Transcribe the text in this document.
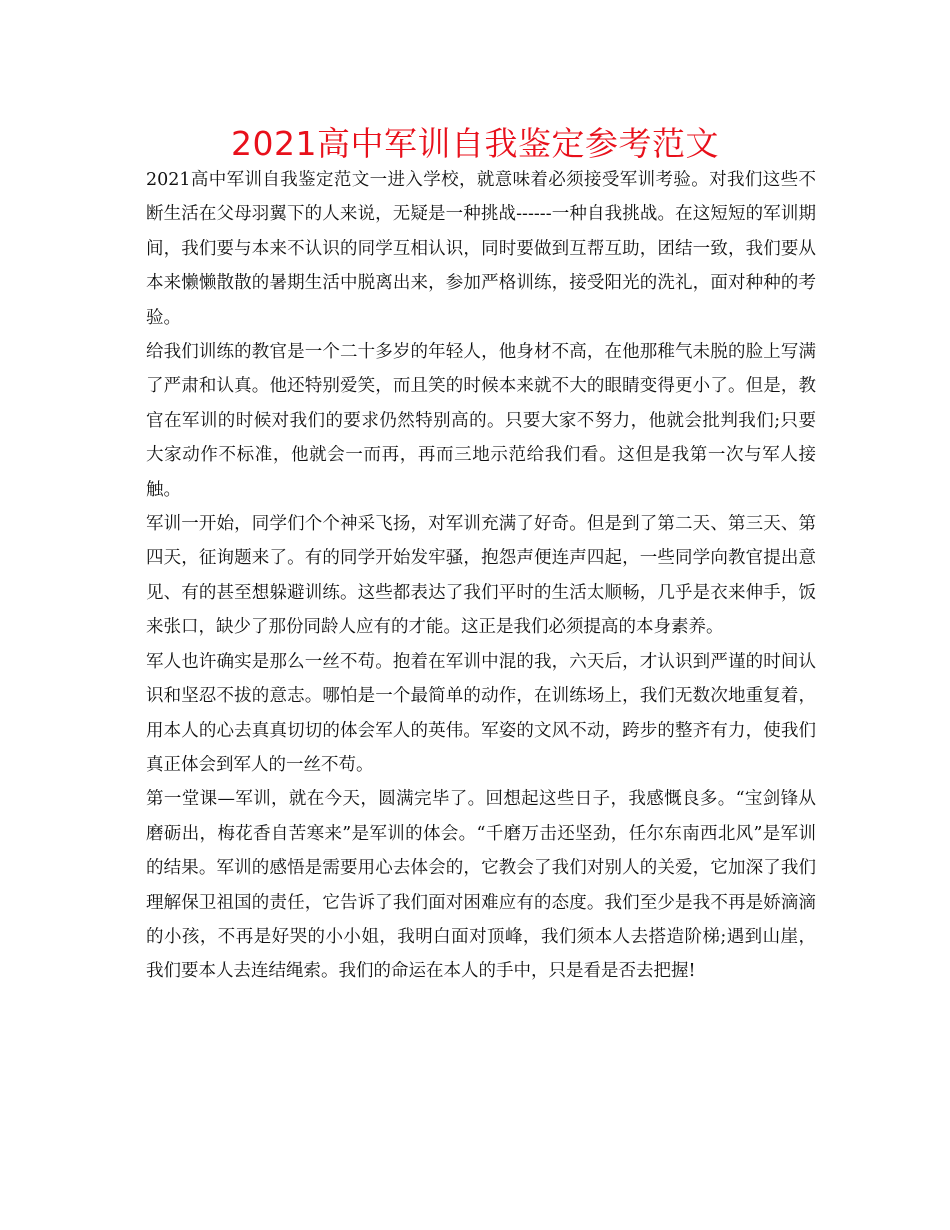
2021高中军训自我鉴定参考范文

2021高中军训自我鉴定范文一进入学校，就意味着必须接受军训考验。对我们这些不断生活在父母羽翼下的人来说，无疑是一种挑战------一种自我挑战。在这短短的军训期间，我们要与本来不认识的同学互相认识，同时要做到互帮互助，团结一致，我们要从本来懒懒散散的暑期生活中脱离出来，参加严格训练，接受阳光的洗礼，面对种种的考验。

给我们训练的教官是一个二十多岁的年轻人，他身材不高，在他那稚气未脱的脸上写满了严肃和认真。他还特别爱笑，而且笑的时候本来就不大的眼睛变得更小了。但是，教官在军训的时候对我们的要求仍然特别高的。只要大家不努力，他就会批判我们;只要大家动作不标准，他就会一而再，再而三地示范给我们看。这但是我第一次与军人接触。

军训一开始，同学们个个神采飞扬，对军训充满了好奇。但是到了第二天、第三天、第四天，征询题来了。有的同学开始发牢骚，抱怨声便连声四起，一些同学向教官提出意见、有的甚至想躲避训练。这些都表达了我们平时的生活太顺畅，几乎是衣来伸手，饭来张口，缺少了那份同龄人应有的才能。这正是我们必须提高的本身素养。

军人也许确实是那么一丝不苟。抱着在军训中混的我，六天后，才认识到严谨的时间认识和坚忍不拔的意志。哪怕是一个最简单的动作，在训练场上，我们无数次地重复着，用本人的心去真真切切的体会军人的英伟。军姿的文风不动，跨步的整齐有力，使我们真正体会到军人的一丝不苟。

第一堂课—军训，就在今天，圆满完毕了。回想起这些日子，我感慨良多。“宝剑锋从磨砺出，梅花香自苦寒来”是军训的体会。“千磨万击还坚劲，任尔东南西北风”是军训的结果。军训的感悟是需要用心去体会的，它教会了我们对别人的关爱，它加深了我们理解保卫祖国的责任，它告诉了我们面对困难应有的态度。我们至少是我不再是娇滴滴的小孩，不再是好哭的小小姐，我明白面对顶峰，我们须本人去搭造阶梯;遇到山崖，我们要本人去连结绳索。我们的命运在本人的手中，只是看是否去把握!
